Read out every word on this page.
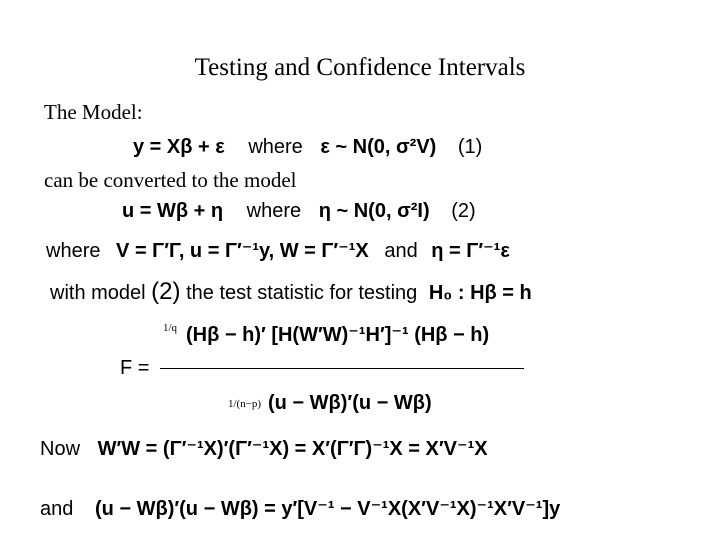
Testing and Confidence Intervals
The Model:
y = Xβ + ε where ε ~ N(0, σ²V) (1)
can be converted to the model
u = Wβ + η where η ~ N(0, σ²I) (2)
where V = Γ′Γ, u = Γ′⁻¹y, W = Γ′⁻¹X and η = Γ′⁻¹ε
with model (2) the test statistic for testing H₀ : Hβ = h
F =
1/q (Hβ − h)′ [H(W′W)⁻¹H′]⁻¹ (Hβ − h)
1/(n−p) (u − Wβ)′(u − Wβ)
Now W′W = (Γ′⁻¹X)′(Γ′⁻¹X) = X′(Γ′Γ)⁻¹X = X′V⁻¹X
and (u − Wβ)′(u − Wβ) = y′[V⁻¹ − V⁻¹X(X′V⁻¹X)⁻¹X′V⁻¹]y
